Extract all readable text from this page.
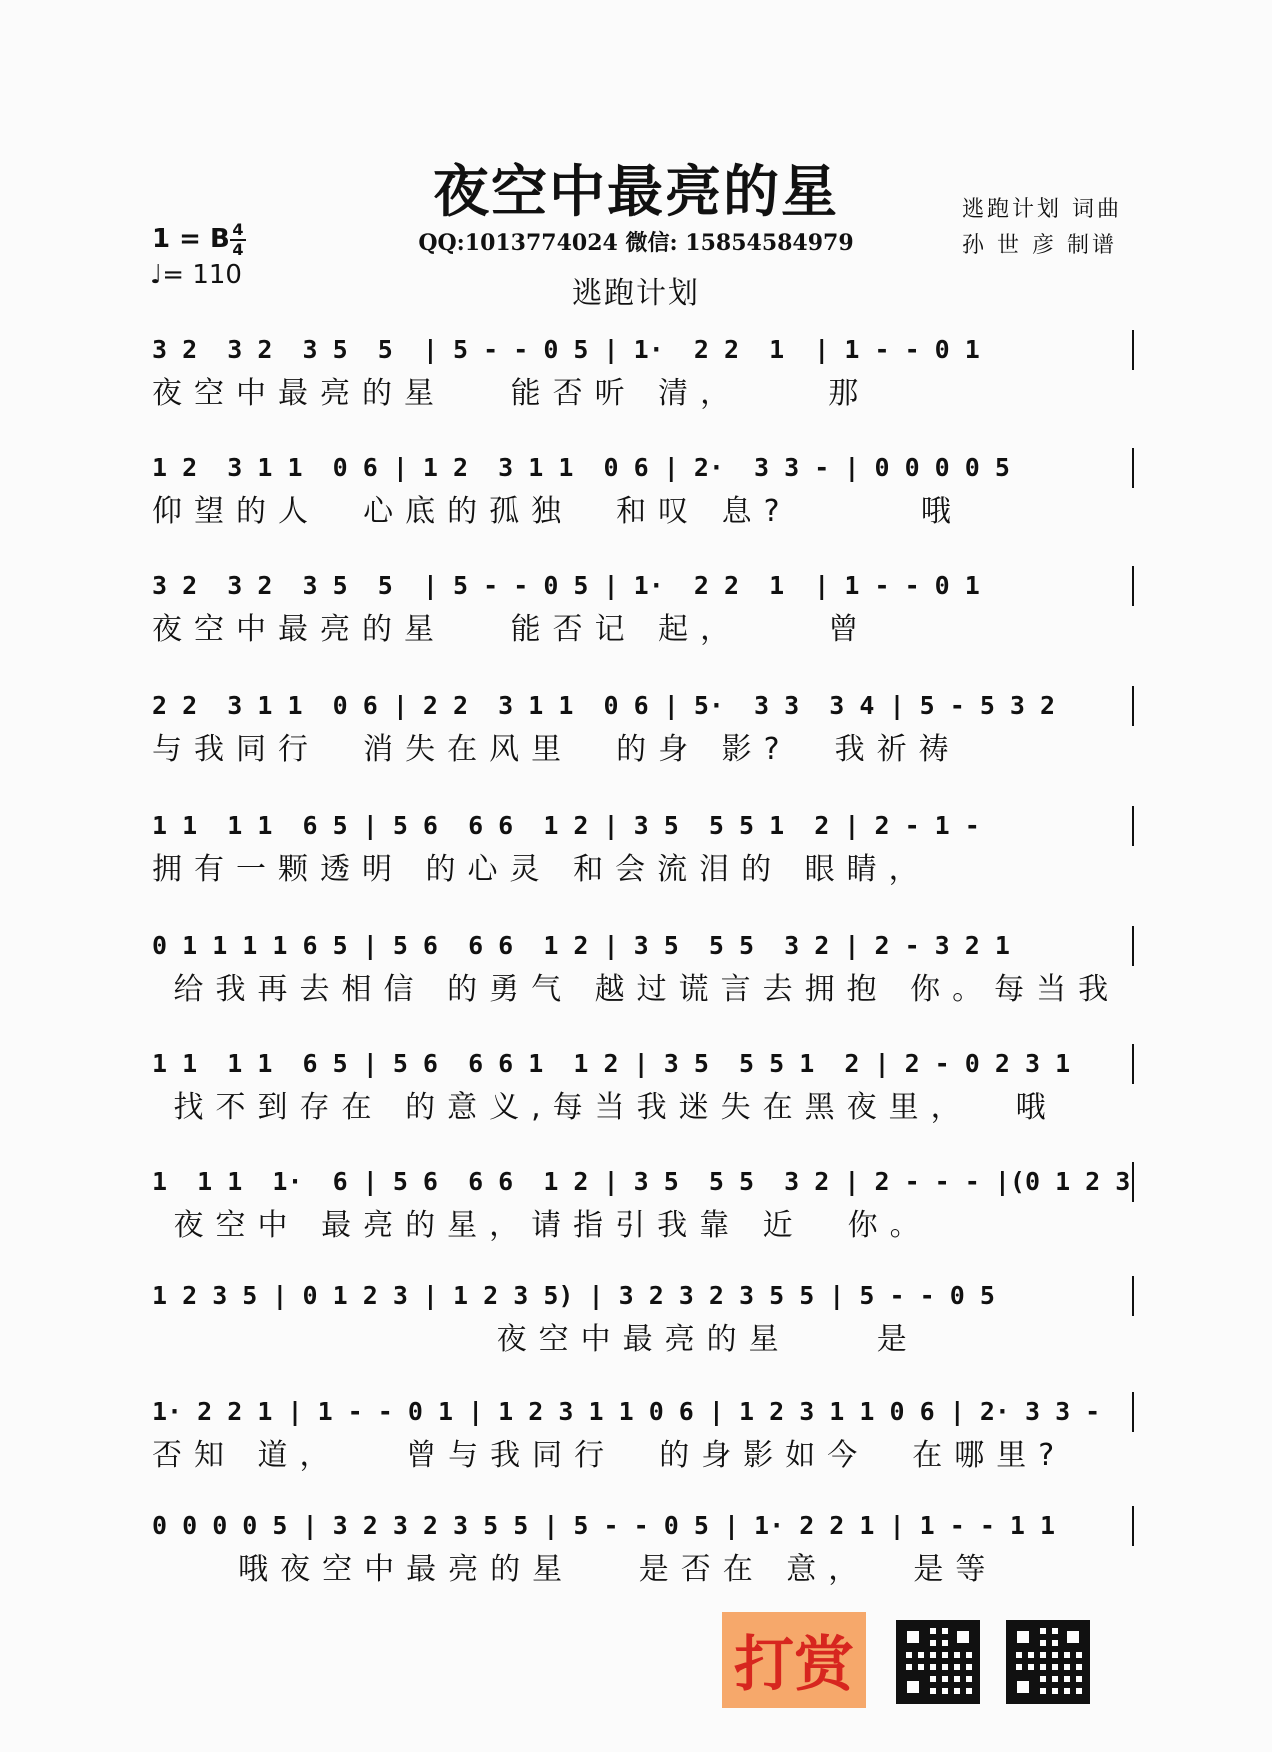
夜空中最亮的星	逃跑计划 词曲
孙 世 彦 制谱
QQ:1013774024 微信: 15854584979
逃跑计划
1 = B 4
4
♩= 110
3 2  3 2  3 5  5  | 5 - - 0 5 | 1·  2 2  1  | 1 - - 0 1
夜空中最亮的星   能否听 清，    那
1 2  3 1 1  0 6 | 1 2  3 1 1  0 6 | 2·  3 3 - | 0 0 0 0 5
仰望的人  心底的孤独  和叹 息?      哦
3 2  3 2  3 5  5  | 5 - - 0 5 | 1·  2 2  1  | 1 - - 0 1
夜空中最亮的星   能否记 起，    曾
2 2  3 1 1  0 6 | 2 2  3 1 1  0 6 | 5·  3 3  3 4 | 5 - 5 3 2
与我同行  消失在风里  的身 影?  我祈祷
1 1  1 1  6 5 | 5 6  6 6  1 2 | 3 5  5 5 1  2 | 2 - 1 -
拥有一颗透明 的心灵 和会流泪的 眼睛，
0 1 1 1 1 6 5 | 5 6  6 6  1 2 | 3 5  5 5  3 2 | 2 - 3 2 1
给我再去相信 的勇气 越过谎言去拥抱 你。每当我
1 1  1 1  6 5 | 5 6  6 6 1  1 2 | 3 5  5 5 1  2 | 2 - 0 2 3 1
找不到存在 的意义,每当我迷失在黑夜里，  哦
1  1 1  1·  6 | 5 6  6 6  1 2 | 3 5  5 5  3 2 | 2 - - - |(0 1 2 3
夜空中 最亮的星，请指引我靠 近  你。
1 2 3 5 | 0 1 2 3 | 1 2 3 5) | 3 2 3 2 3 5 5 | 5 - - 0 5
夜空中最亮的星    是
1· 2 2 1 | 1 - - 0 1 | 1 2 3 1 1 0 6 | 1 2 3 1 1 0 6 | 2· 3 3 -
否知 道，   曾与我同行  的身影如今  在哪里?
0 0 0 0 5 | 3 2 3 2 3 5 5 | 5 - - 0 5 | 1· 2 2 1 | 1 - - 1 1
哦夜空中最亮的星   是否在 意，  是等
打赏
